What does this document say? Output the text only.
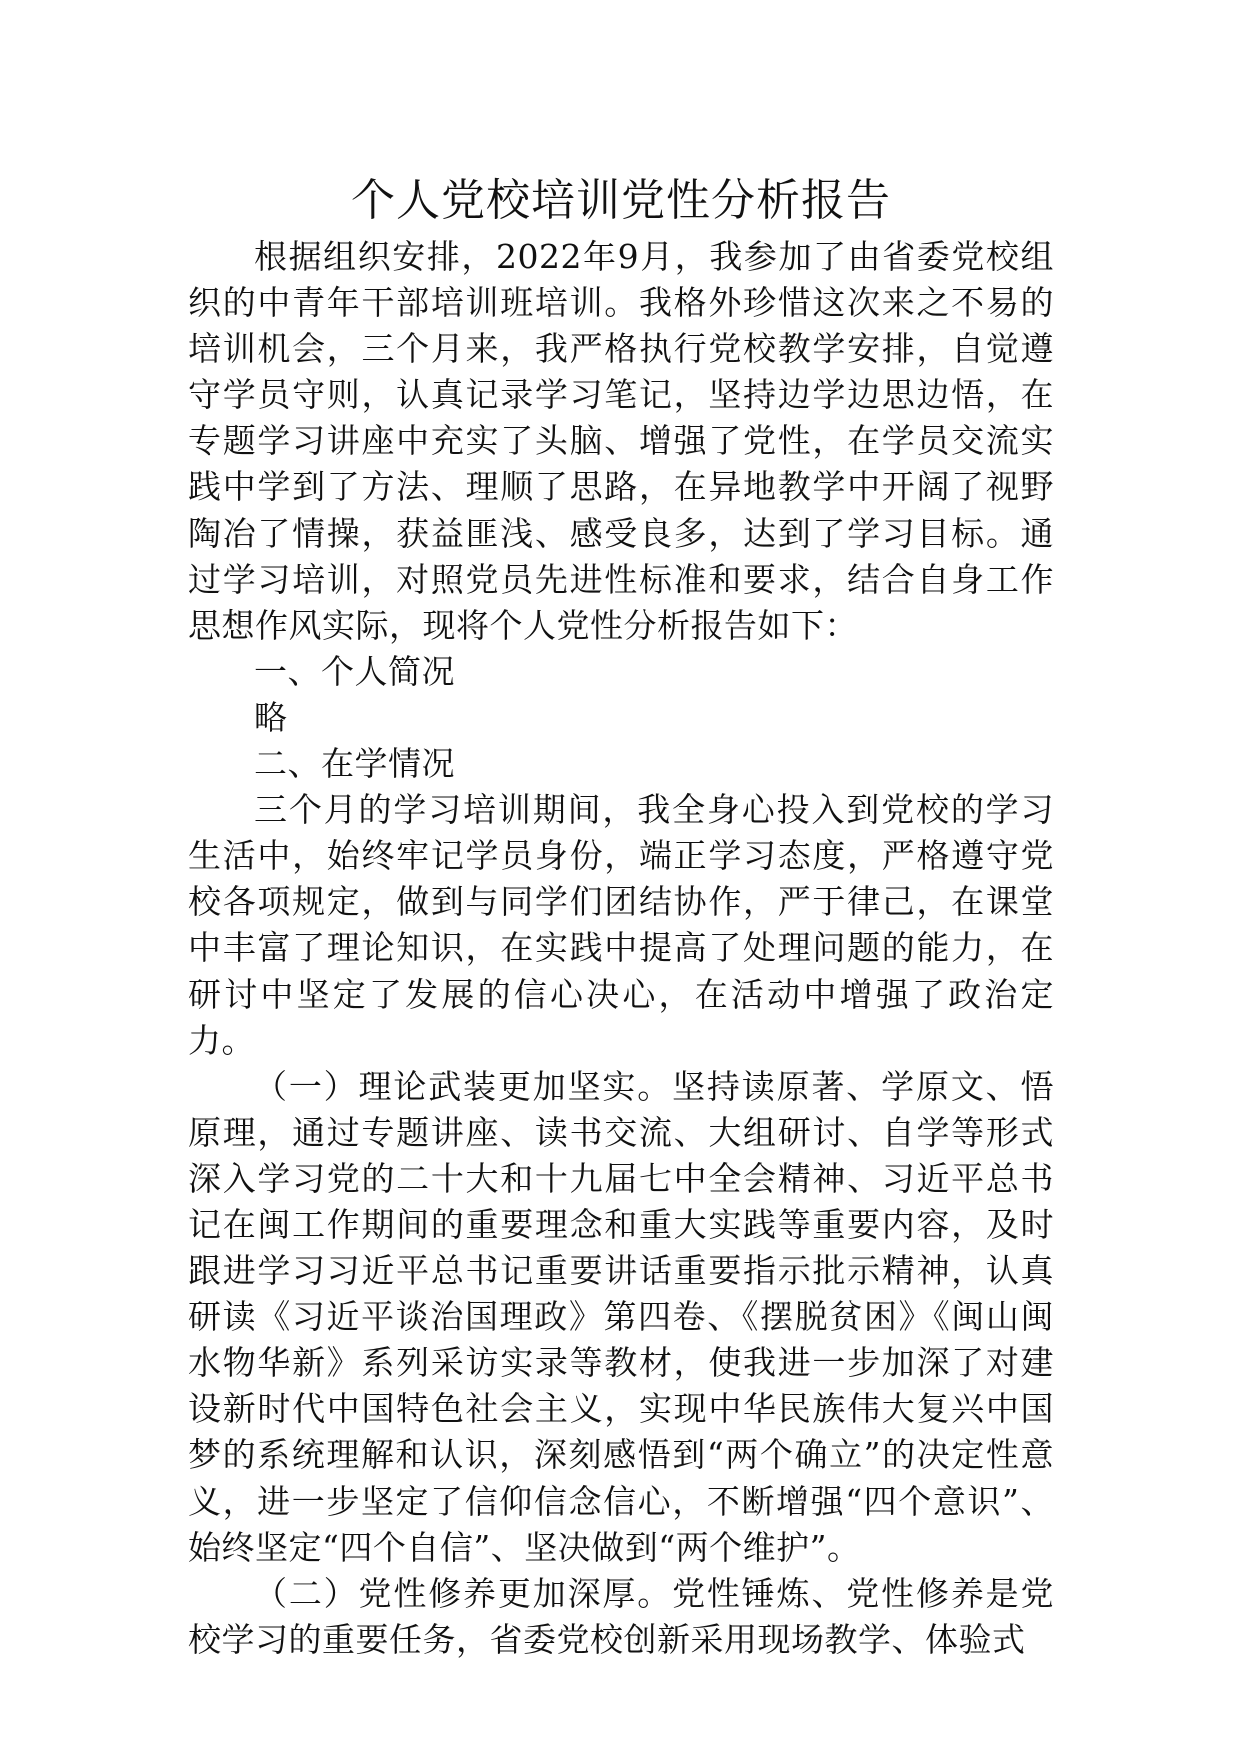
个人党校培训党性分析报告

根据组织安排，2022年9月，我参加了由省委党校组织的中青年干部培训班培训。我格外珍惜这次来之不易的培训机会，三个月来，我严格执行党校教学安排，自觉遵守学员守则，认真记录学习笔记，坚持边学边思边悟，在专题学习讲座中充实了头脑、增强了党性，在学员交流实践中学到了方法、理顺了思路，在异地教学中开阔了视野陶冶了情操，获益匪浅、感受良多，达到了学习目标。通过学习培训，对照党员先进性标准和要求，结合自身工作思想作风实际，现将个人党性分析报告如下：

一、个人简况

略

二、在学情况

三个月的学习培训期间，我全身心投入到党校的学习生活中，始终牢记学员身份，端正学习态度，严格遵守党校各项规定，做到与同学们团结协作，严于律己，在课堂中丰富了理论知识，在实践中提高了处理问题的能力，在研讨中坚定了发展的信心决心，在活动中增强了政治定力。

（一）理论武装更加坚实。坚持读原著、学原文、悟原理，通过专题讲座、读书交流、大组研讨、自学等形式深入学习党的二十大和十九届七中全会精神、习近平总书记在闽工作期间的重要理念和重大实践等重要内容，及时跟进学习习近平总书记重要讲话重要指示批示精神，认真研读《习近平谈治国理政》第四卷、《摆脱贫困》《闽山闽水物华新》系列采访实录等教材，使我进一步加深了对建设新时代中国特色社会主义，实现中华民族伟大复兴中国梦的系统理解和认识，深刻感悟到“两个确立”的决定性意义，进一步坚定了信仰信念信心，不断增强“四个意识”、始终坚定“四个自信”、坚决做到“两个维护”。

（二）党性修养更加深厚。党性锤炼、党性修养是党校学习的重要任务，省委党校创新采用现场教学、体验式
